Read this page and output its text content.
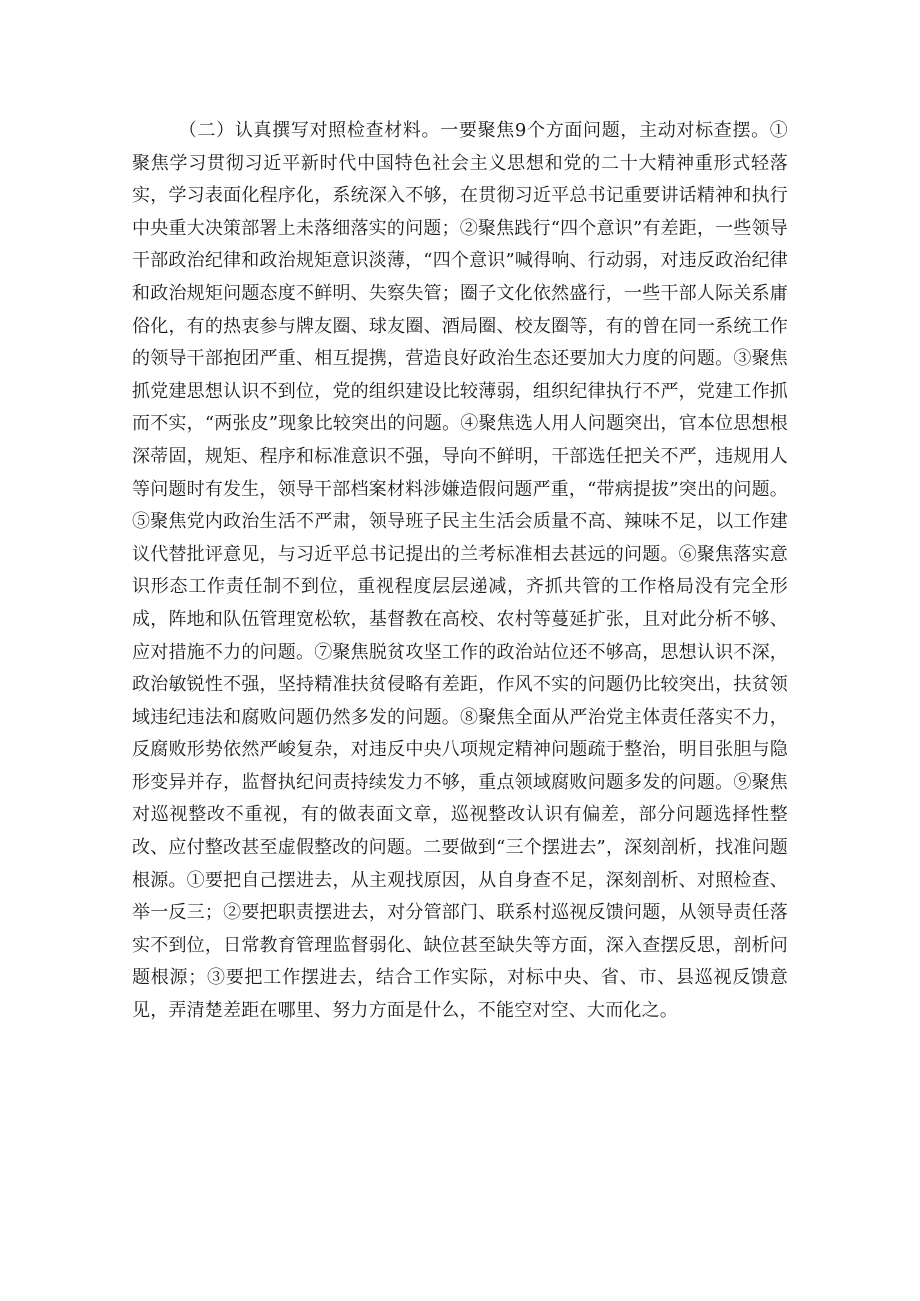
（二）认真撰写对照检查材料。一要聚焦9个方面问题，主动对标查摆。①聚焦学习贯彻习近平新时代中国特色社会主义思想和党的二十大精神重形式轻落实，学习表面化程序化，系统深入不够，在贯彻习近平总书记重要讲话精神和执行中央重大决策部署上未落细落实的问题；②聚焦践行“四个意识”有差距，一些领导干部政治纪律和政治规矩意识淡薄，“四个意识”喊得响、行动弱，对违反政治纪律和政治规矩问题态度不鲜明、失察失管；圈子文化依然盛行，一些干部人际关系庸俗化，有的热衷参与牌友圈、球友圈、酒局圈、校友圈等，有的曾在同一系统工作的领导干部抱团严重、相互提携，营造良好政治生态还要加大力度的问题。③聚焦抓党建思想认识不到位，党的组织建设比较薄弱，组织纪律执行不严，党建工作抓而不实，“两张皮”现象比较突出的问题。④聚焦选人用人问题突出，官本位思想根深蒂固，规矩、程序和标准意识不强，导向不鲜明，干部选任把关不严，违规用人等问题时有发生，领导干部档案材料涉嫌造假问题严重，“带病提拔”突出的问题。⑤聚焦党内政治生活不严肃，领导班子民主生活会质量不高、辣味不足，以工作建议代替批评意见，与习近平总书记提出的兰考标准相去甚远的问题。⑥聚焦落实意识形态工作责任制不到位，重视程度层层递减，齐抓共管的工作格局没有完全形成，阵地和队伍管理宽松软，基督教在高校、农村等蔓延扩张，且对此分析不够、应对措施不力的问题。⑦聚焦脱贫攻坚工作的政治站位还不够高，思想认识不深，政治敏锐性不强，坚持精准扶贫侵略有差距，作风不实的问题仍比较突出，扶贫领域违纪违法和腐败问题仍然多发的问题。⑧聚焦全面从严治党主体责任落实不力，反腐败形势依然严峻复杂，对违反中央八项规定精神问题疏于整治，明目张胆与隐形变异并存，监督执纪问责持续发力不够，重点领域腐败问题多发的问题。⑨聚焦对巡视整改不重视，有的做表面文章，巡视整改认识有偏差，部分问题选择性整改、应付整改甚至虚假整改的问题。二要做到“三个摆进去”，深刻剖析，找准问题根源。①要把自己摆进去，从主观找原因，从自身查不足，深刻剖析、对照检查、举一反三；②要把职责摆进去，对分管部门、联系村巡视反馈问题，从领导责任落实不到位，日常教育管理监督弱化、缺位甚至缺失等方面，深入查摆反思，剖析问题根源；③要把工作摆进去，结合工作实际，对标中央、省、市、县巡视反馈意见，弄清楚差距在哪里、努力方面是什么，不能空对空、大而化之。
